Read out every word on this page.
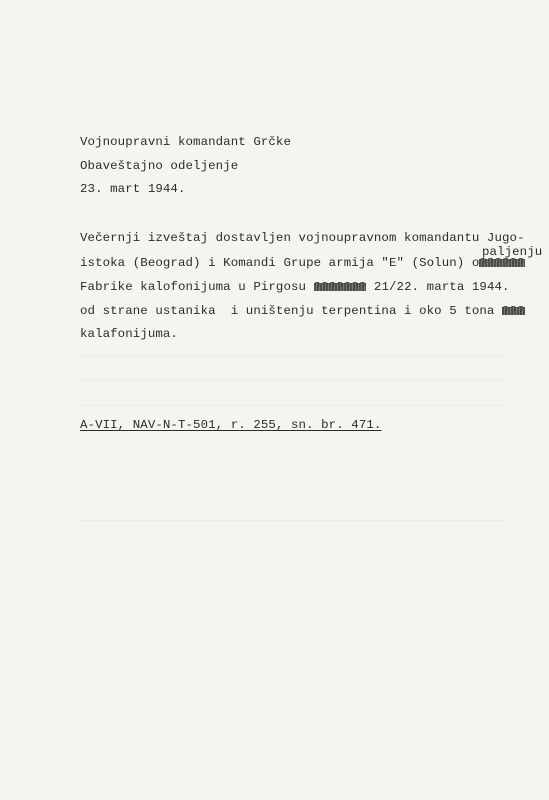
Vojnoupravni komandant Grčke
Obaveštajno odeljenje
23. mart 1944.
Večernji izveštaj dostavljen vojnoupravnom komandantu Jugo-
paljenju
istoka (Beograd) i Komandi Grupe armija "E" (Solun) o
Fabrike kalofonijuma u Pirgosu	21/22. marta 1944.
od strane ustanika  i uništenju terpentina i oko 5 tona
kalafonijuma.
A-VII, NAV-N-T-501, r. 255, sn. br. 471.
